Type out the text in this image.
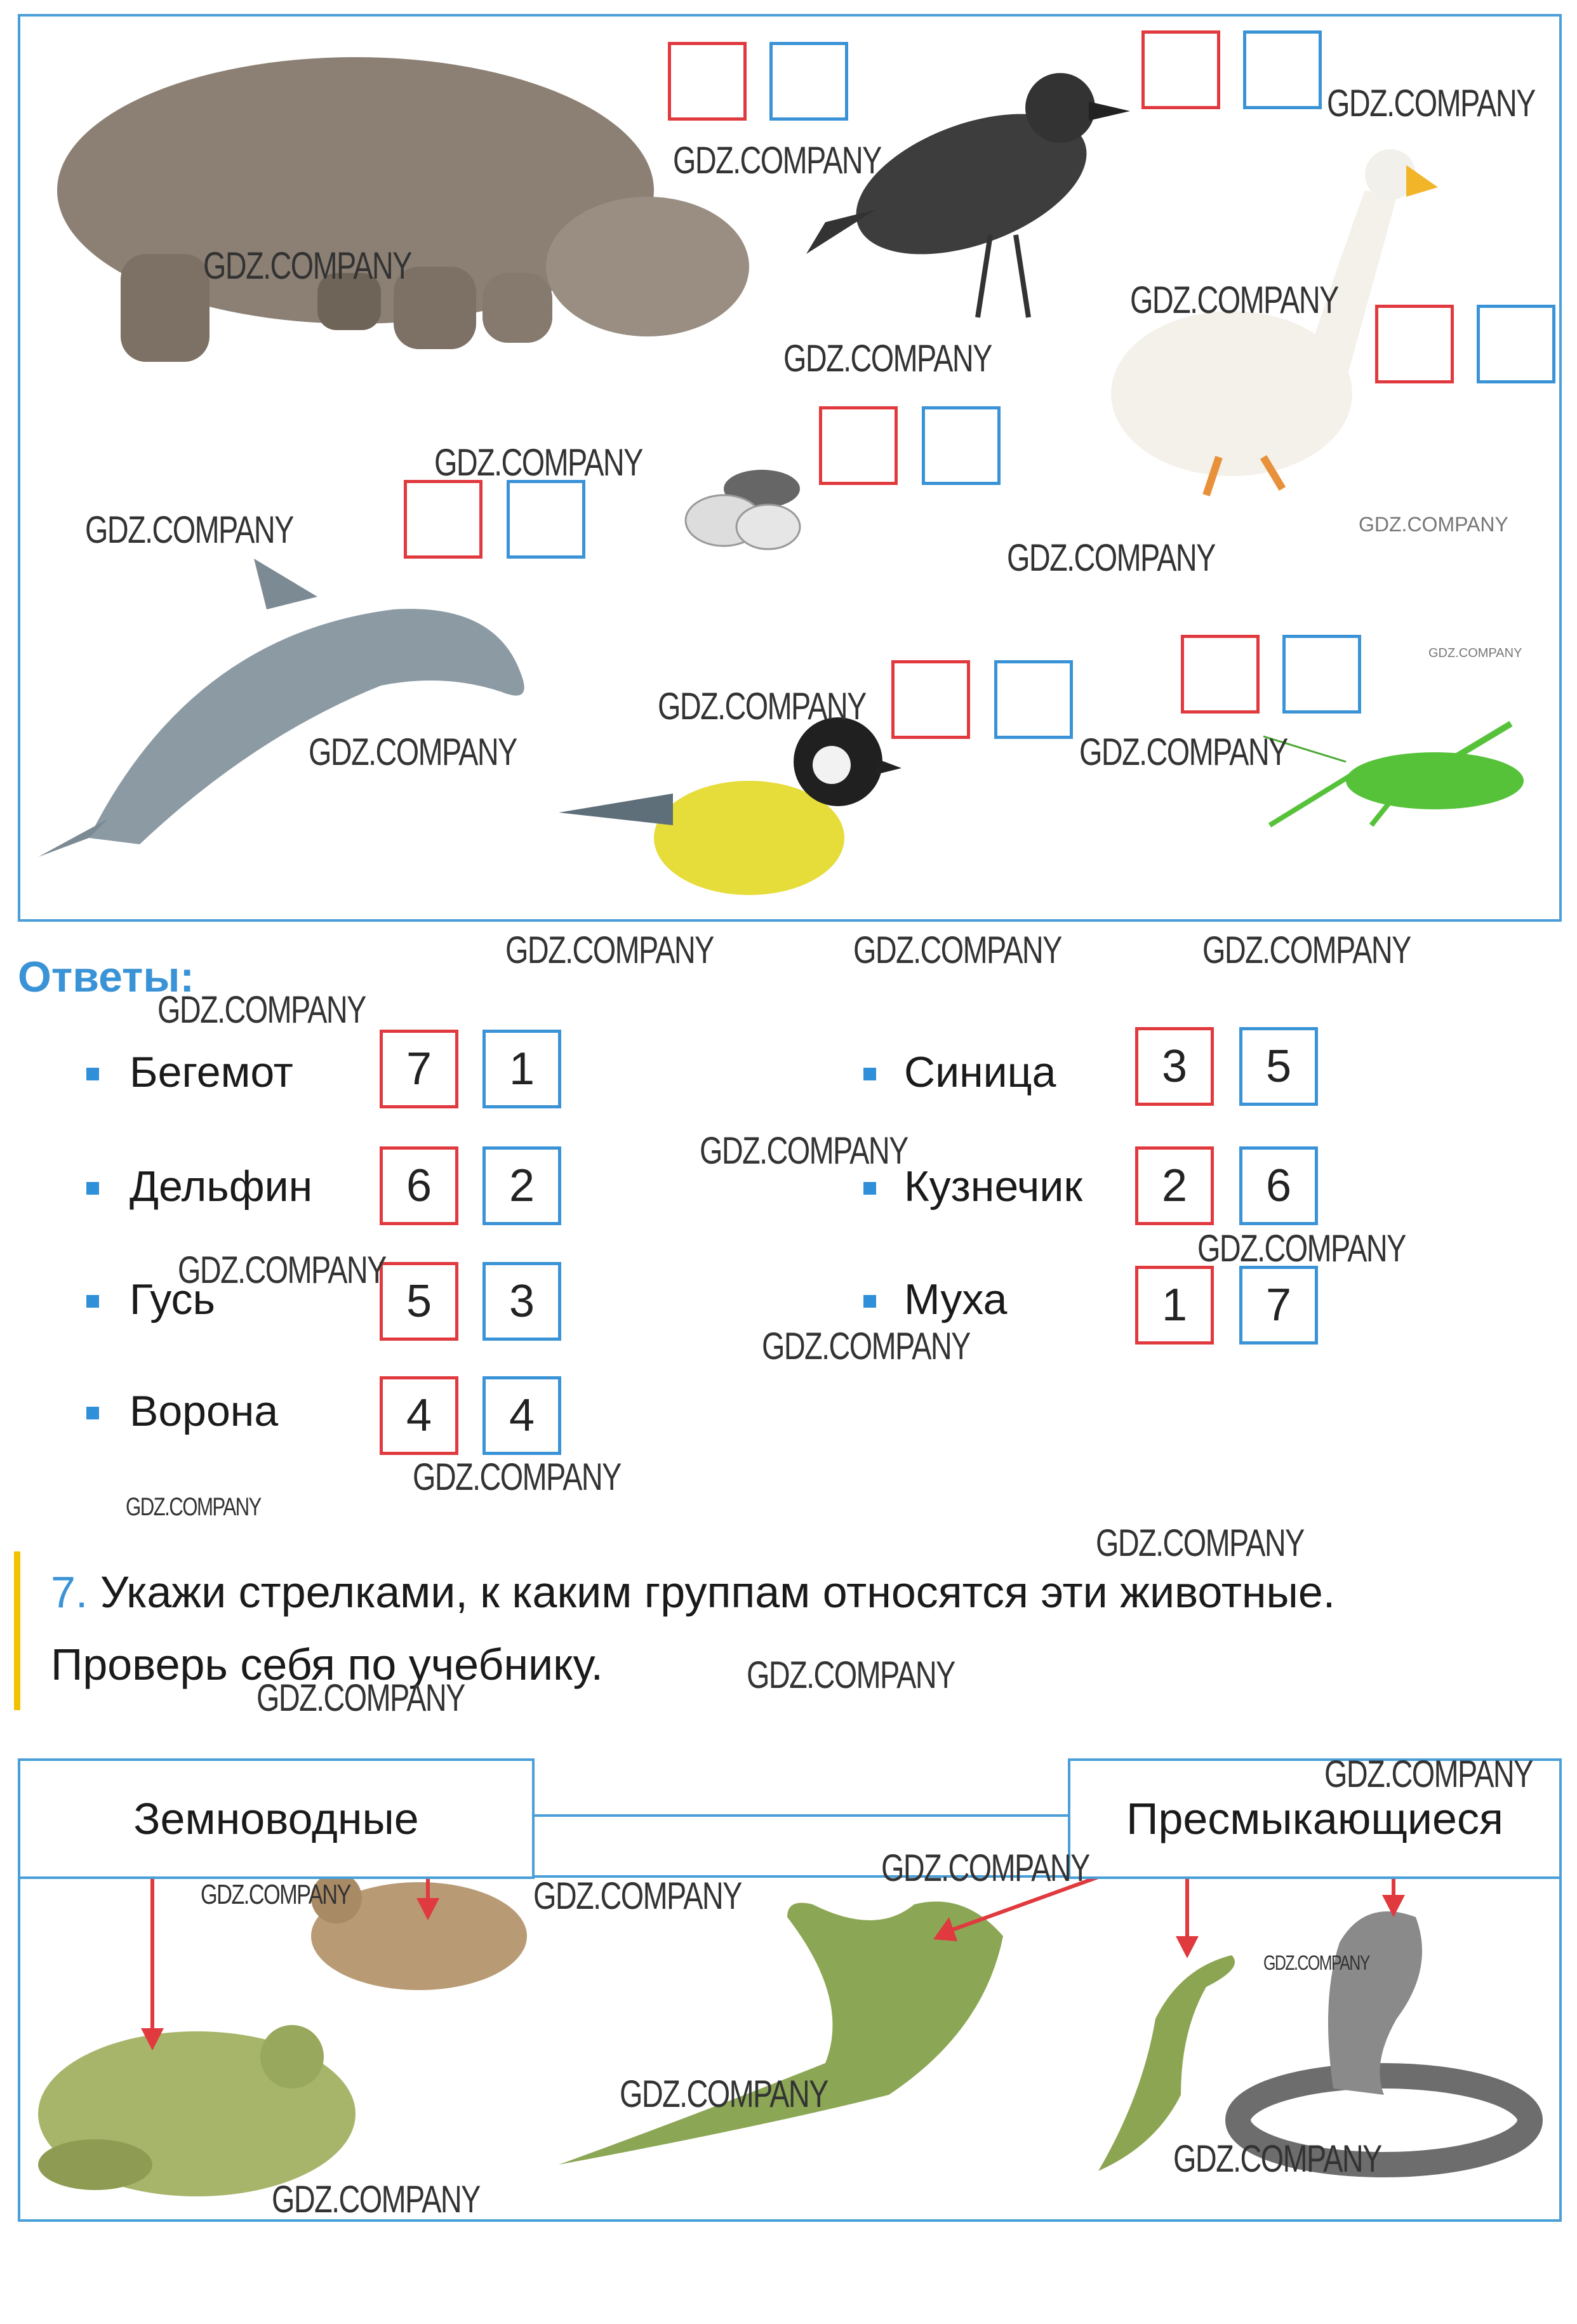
GDZ.COMPANY
GDZ.COMPANY
GDZ.COMPANY
GDZ.COMPANY
GDZ.COMPANY
GDZ.COMPANY
GDZ.COMPANY
GDZ.COMPANY
GDZ.COMPANY
GDZ.COMPANY	GDZ.COMPANY
GDZ.COMPANY
GDZ.COMPANY
Ответы:
Бегемот	7	1
Дельфин	6	2
Гусь	5	3
Ворона	4	4
Синица	3	5
Кузнечик	2	6
Муха	1	7
GDZ.COMPANY	GDZ.COMPANY	GDZ.COMPANY
GDZ.COMPANY
GDZ.COMPANY
GDZ.COMPANY
GDZ.COMPANY
GDZ.COMPANY
GDZ.COMPANY
GDZ.COMPANY
GDZ.COMPANY
7. Укажи стрелками, к каким группам относятся эти животные.
Проверь себя по учебнику.
GDZ.COMPANY
GDZ.COMPANY
Земноводные	Пресмыкающиеся
GDZ.COMPANY
GDZ.COMPANY
GDZ.COMPANY
GDZ.COMPANY
GDZ.COMPANY
GDZ.COMPANY
GDZ.COMPANY
GDZ.COMPANY
